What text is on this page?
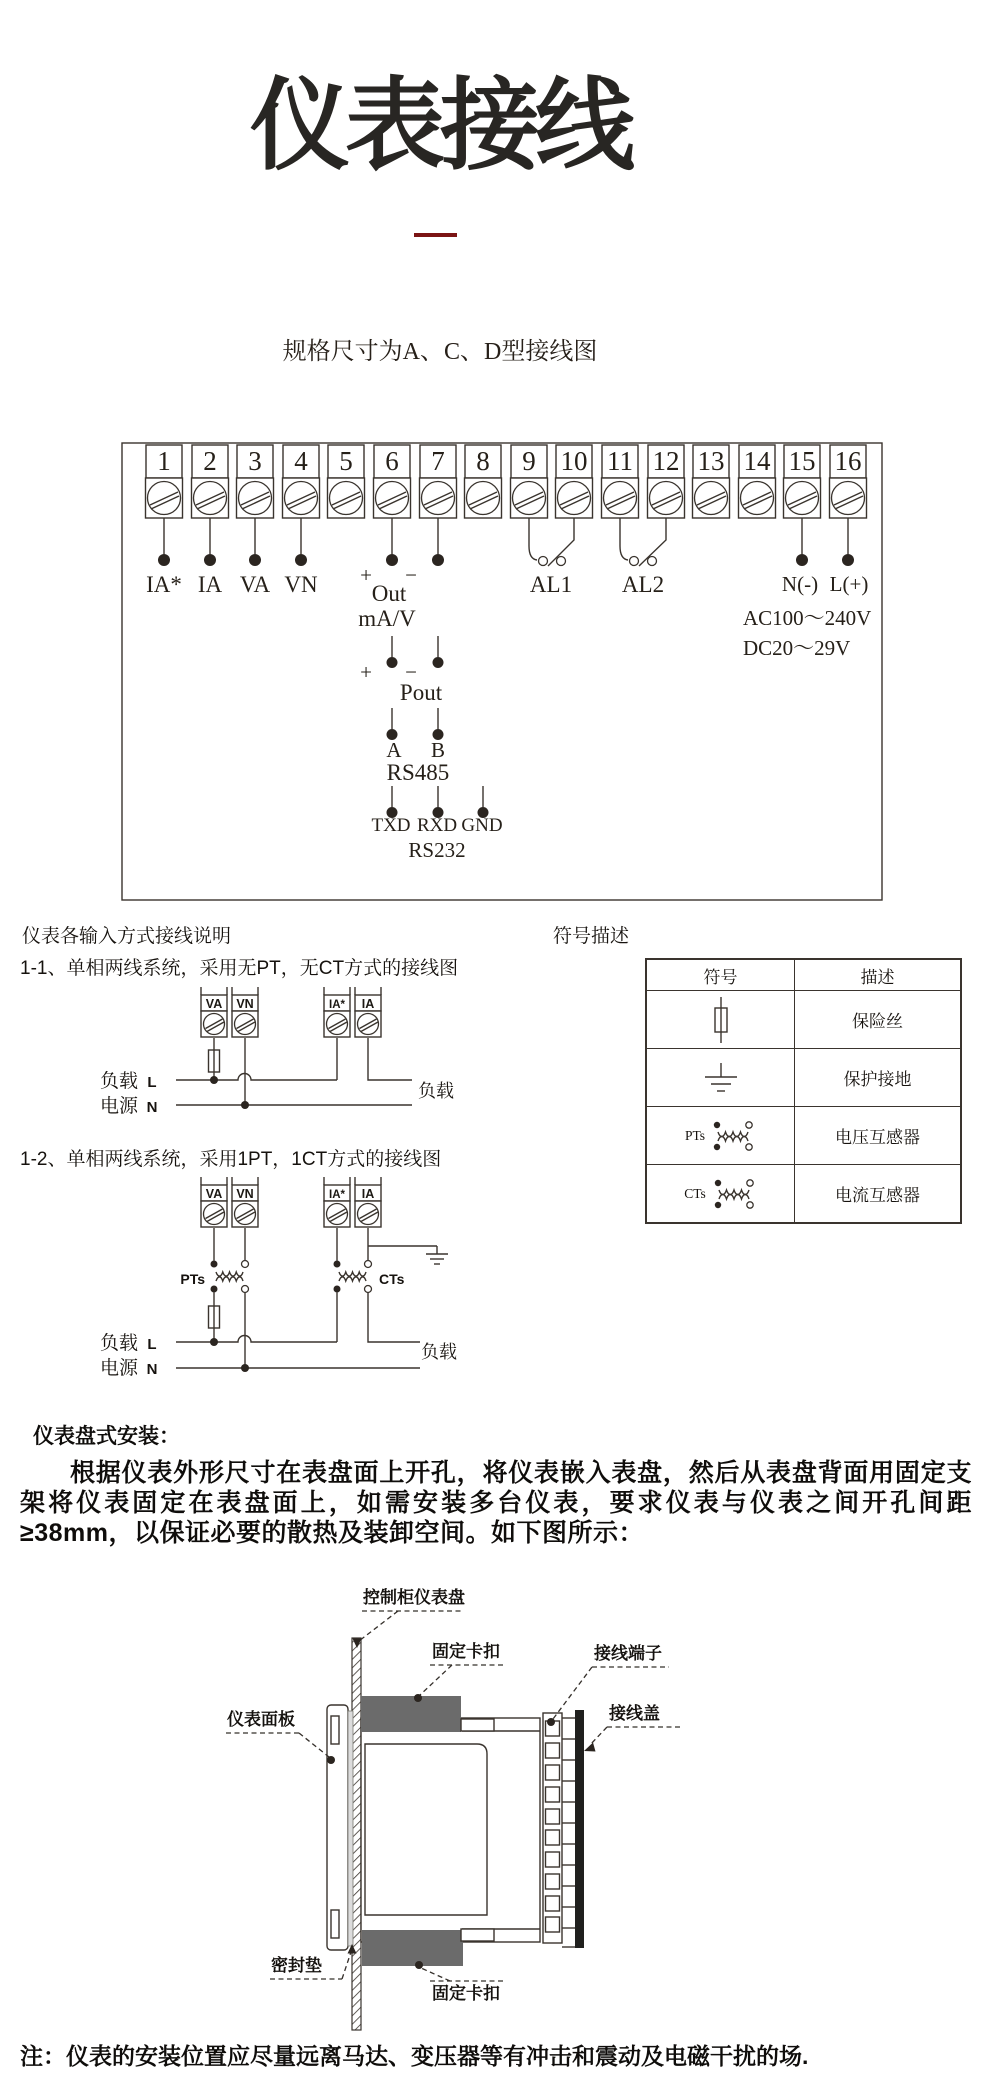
仪表接线
规格尺寸为A、C、D型接线图
1 2 3 4 5 6 7 8 9 10 11 12 13 14 15 16
IA* IA VA VN + −
Out
mA/V
+ −
Pout
A B
RS485
TXD RXD GND
RS232
AL1 AL2	N(-) L(+)
AC100～240V
DC20～29V
仪表各输入方式接线说明	符号描述
1-1、单相两线系统，采用无PT，无CT方式的接线图
1-2、单相两线系统，采用1PT，1CT方式的接线图
VA VN	IA* IA
负载 L
电源 N
负载
PTs	CTs
VA VN	IA* IA
负载 L
电源 N
负载
符号	描述
保险丝
保护接地
PTs	电压互感器
CTs	电流互感器
仪表盘式安装：
根据仪表外形尺寸在表盘面上开孔，将仪表嵌入表盘，然后从表盘背面用固定支架将仪表固定在表盘面上，如需安装多台仪表，要求仪表与仪表之间开孔间距≥38mm，以保证必要的散热及装卸空间。如下图所示：
控制柜仪表盘
固定卡扣	接线端子
接线盖
仪表面板
密封垫
固定卡扣
注：仪表的安装位置应尽量远离马达、变压器等有冲击和震动及电磁干扰的场.
